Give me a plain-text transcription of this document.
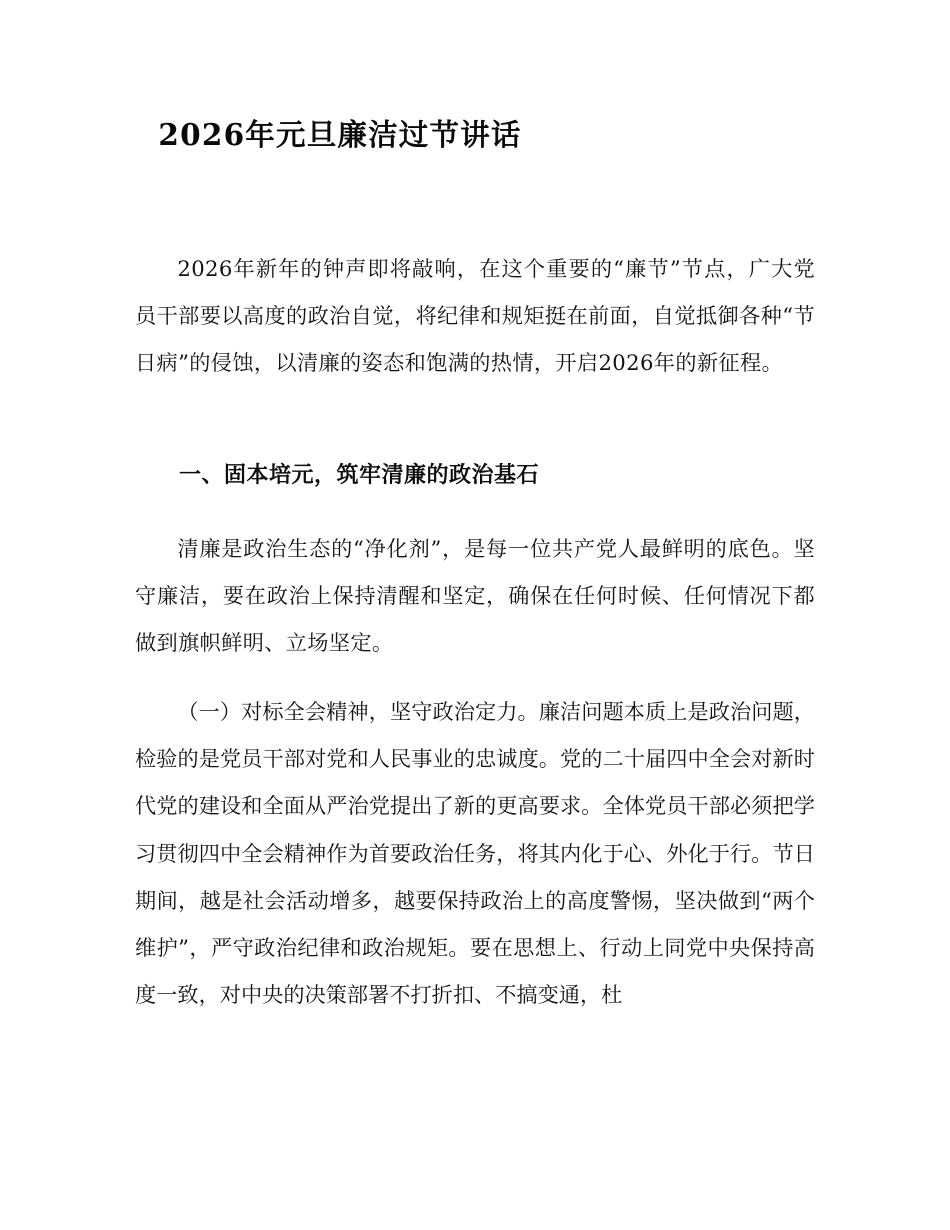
2026年元旦廉洁过节讲话

2026年新年的钟声即将敲响，在这个重要的“廉节”节点，广大党员干部要以高度的政治自觉，将纪律和规矩挺在前面，自觉抵御各种“节日病”的侵蚀，以清廉的姿态和饱满的热情，开启2026年的新征程。

一、固本培元，筑牢清廉的政治基石

清廉是政治生态的“净化剂”，是每一位共产党人最鲜明的底色。坚守廉洁，要在政治上保持清醒和坚定，确保在任何时候、任何情况下都做到旗帜鲜明、立场坚定。

（一）对标全会精神，坚守政治定力。廉洁问题本质上是政治问题，检验的是党员干部对党和人民事业的忠诚度。党的二十届四中全会对新时代党的建设和全面从严治党提出了新的更高要求。全体党员干部必须把学习贯彻四中全会精神作为首要政治任务，将其内化于心、外化于行。节日期间，越是社会活动增多，越要保持政治上的高度警惕，坚决做到“两个维护”，严守政治纪律和政治规矩。要在思想上、行动上同党中央保持高度一致，对中央的决策部署不打折扣、不搞变通，杜
